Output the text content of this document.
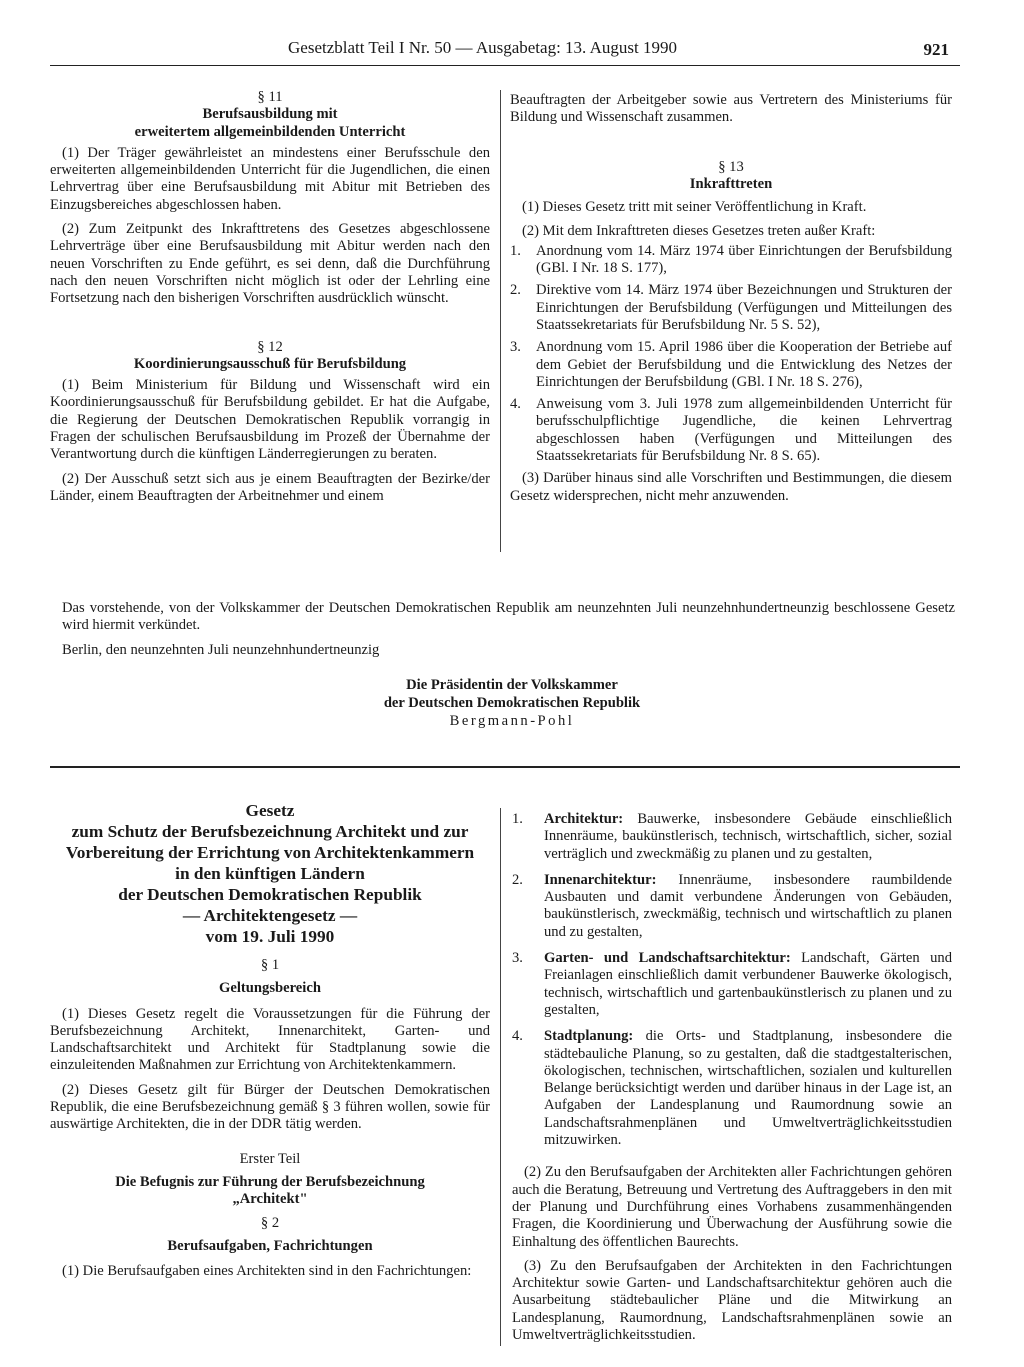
Gesetzblatt Teil I Nr. 50 — Ausgabetag: 13. August 1990	921
§ 11
Berufsausbildung mit
erweitertem allgemeinbildenden Unterricht

(1) Der Träger gewährleistet an mindestens einer Berufsschule den erweiterten allgemeinbildenden Unterricht für die Jugendlichen, die einen Lehrvertrag über eine Berufsausbildung mit Abitur mit Betrieben des Einzugsbereiches abgeschlossen haben.

(2) Zum Zeitpunkt des Inkrafttretens des Gesetzes abgeschlossene Lehrverträge über eine Berufsausbildung mit Abitur werden nach den neuen Vorschriften zu Ende geführt, es sei denn, daß die Durchführung nach den neuen Vorschriften nicht möglich ist oder der Lehrling eine Fortsetzung nach den bisherigen Vorschriften ausdrücklich wünscht.

§ 12
Koordinierungsausschuß für Berufsbildung

(1) Beim Ministerium für Bildung und Wissenschaft wird ein Koordinierungsausschuß für Berufsbildung gebildet. Er hat die Aufgabe, die Regierung der Deutschen Demokratischen Republik vorrangig in Fragen der schulischen Berufsausbildung im Prozeß der Übernahme der Verantwortung durch die künftigen Länderregierungen zu beraten.

(2) Der Ausschuß setzt sich aus je einem Beauftragten der Bezirke/der Länder, einem Beauftragten der Arbeitnehmer und einem

Beauftragten der Arbeitgeber sowie aus Vertretern des Ministeriums für Bildung und Wissenschaft zusammen.

§ 13
Inkrafttreten

(1) Dieses Gesetz tritt mit seiner Veröffentlichung in Kraft.

(2) Mit dem Inkrafttreten dieses Gesetzes treten außer Kraft:

1. Anordnung vom 14. März 1974 über Einrichtungen der Berufsbildung (GBl. I Nr. 18 S. 177),
2. Direktive vom 14. März 1974 über Bezeichnungen und Strukturen der Einrichtungen der Berufsbildung (Verfügungen und Mitteilungen des Staatssekretariats für Berufsbildung Nr. 5 S. 52),
3. Anordnung vom 15. April 1986 über die Kooperation der Betriebe auf dem Gebiet der Berufsbildung und die Entwicklung des Netzes der Einrichtungen der Berufsbildung (GBl. I Nr. 18 S. 276),
4. Anweisung vom 3. Juli 1978 zum allgemeinbildenden Unterricht für berufsschulpflichtige Jugendliche, die keinen Lehrvertrag abgeschlossen haben (Verfügungen und Mitteilungen des Staatssekretariats für Berufsbildung Nr. 8 S. 65).

(3) Darüber hinaus sind alle Vorschriften und Bestimmungen, die diesem Gesetz widersprechen, nicht mehr anzuwenden.

Das vorstehende, von der Volkskammer der Deutschen Demokratischen Republik am neunzehnten Juli neunzehnhundertneunzig beschlossene Gesetz wird hiermit verkündet.

Berlin, den neunzehnten Juli neunzehnhundertneunzig

Die Präsidentin der Volkskammer
der Deutschen Demokratischen Republik
Bergmann-Pohl
Gesetz
zum Schutz der Berufsbezeichnung Architekt und zur
Vorbereitung der Errichtung von Architektenkammern
in den künftigen Ländern
der Deutschen Demokratischen Republik
— Architektengesetz —
vom 19. Juli 1990
§ 1
Geltungsbereich

(1) Dieses Gesetz regelt die Voraussetzungen für die Führung der Berufsbezeichnung Architekt, Innenarchitekt, Garten- und Landschaftsarchitekt und Architekt für Stadtplanung sowie die einzuleitenden Maßnahmen zur Errichtung von Architektenkammern.

(2) Dieses Gesetz gilt für Bürger der Deutschen Demokratischen Republik, die eine Berufsbezeichnung gemäß § 3 führen wollen, sowie für auswärtige Architekten, die in der DDR tätig werden.

Erster Teil
Die Befugnis zur Führung der Berufsbezeichnung
„Architekt"
§ 2
Berufsaufgaben, Fachrichtungen

(1) Die Berufsaufgaben eines Architekten sind in den Fachrichtungen:

1. Architektur: Bauwerke, insbesondere Gebäude einschließlich Innenräume, baukünstlerisch, technisch, wirtschaftlich, sicher, sozial verträglich und zweckmäßig zu planen und zu gestalten,
2. Innenarchitektur: Innenräume, insbesondere raumbildende Ausbauten und damit verbundene Änderungen von Gebäuden, baukünstlerisch, zweckmäßig, technisch und wirtschaftlich zu planen und zu gestalten,
3. Garten- und Landschaftsarchitektur: Landschaft, Gärten und Freianlagen einschließlich damit verbundener Bauwerke ökologisch, technisch, wirtschaftlich und gartenbaukünstlerisch zu planen und zu gestalten,
4. Stadtplanung: die Orts- und Stadtplanung, insbesondere die städtebauliche Planung, so zu gestalten, daß die stadtgestalterischen, ökologischen, technischen, wirtschaftlichen, sozialen und kulturellen Belange berücksichtigt werden und darüber hinaus in der Lage ist, an Aufgaben der Landesplanung und Raumordnung sowie an Landschaftsrahmenplänen und Umweltverträglichkeitsstudien mitzuwirken.

(2) Zu den Berufsaufgaben der Architekten aller Fachrichtungen gehören auch die Beratung, Betreuung und Vertretung des Auftraggebers in den mit der Planung und Durchführung eines Vorhabens zusammenhängenden Fragen, die Koordinierung und Überwachung der Ausführung sowie die Einhaltung des öffentlichen Baurechts.

(3) Zu den Berufsaufgaben der Architekten in den Fachrichtungen Architektur sowie Garten- und Landschaftsarchitektur gehören auch die Ausarbeitung städtebaulicher Pläne und die Mitwirkung an Landesplanung, Raumordnung, Landschaftsrahmenplänen sowie an Umweltverträglichkeitsstudien.
